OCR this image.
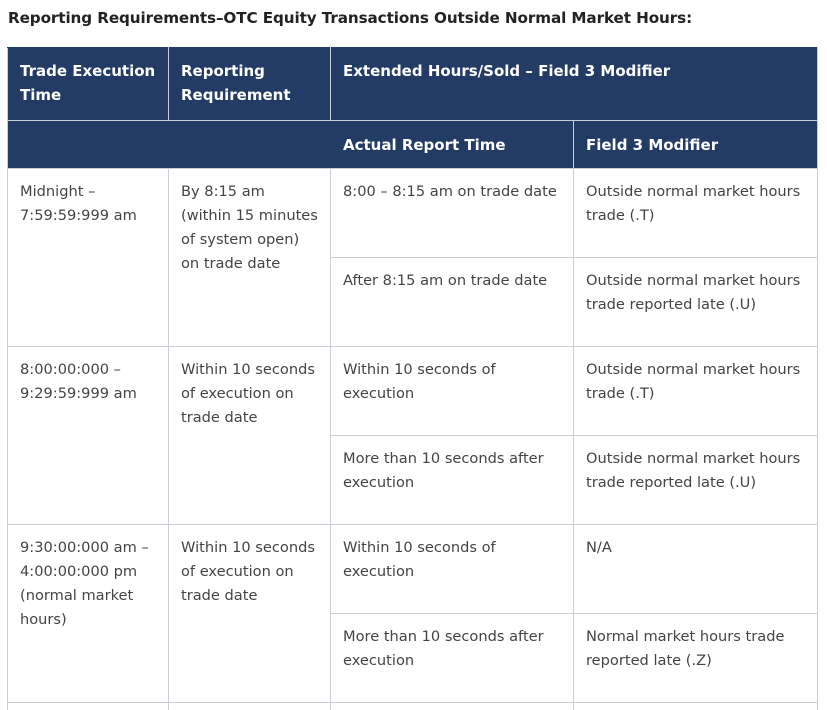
Reporting Requirements–OTC Equity Transactions Outside Normal Market Hours:
Trade Execution Time	Reporting Requirement	Extended Hours/Sold – Field 3 Modifier	
		Actual Report Time	Field 3 Modifier
Midnight – 7:59:59:999 am	By 8:15 am (within 15 minutes of system open) on trade date	8:00 – 8:15 am on trade date	Outside normal market hours trade (.T)
		After 8:15 am on trade date	Outside normal market hours trade reported late (.U)
8:00:00:000 – 9:29:59:999 am	Within 10 seconds of execution on trade date	Within 10 seconds of execution	Outside normal market hours trade (.T)
		More than 10 seconds after execution	Outside normal market hours trade reported late (.U)
9:30:00:000 am – 4:00:00:000 pm (normal market hours)	Within 10 seconds of execution on trade date	Within 10 seconds of execution	N/A
		More than 10 seconds after execution	Normal market hours trade reported late (.Z)
